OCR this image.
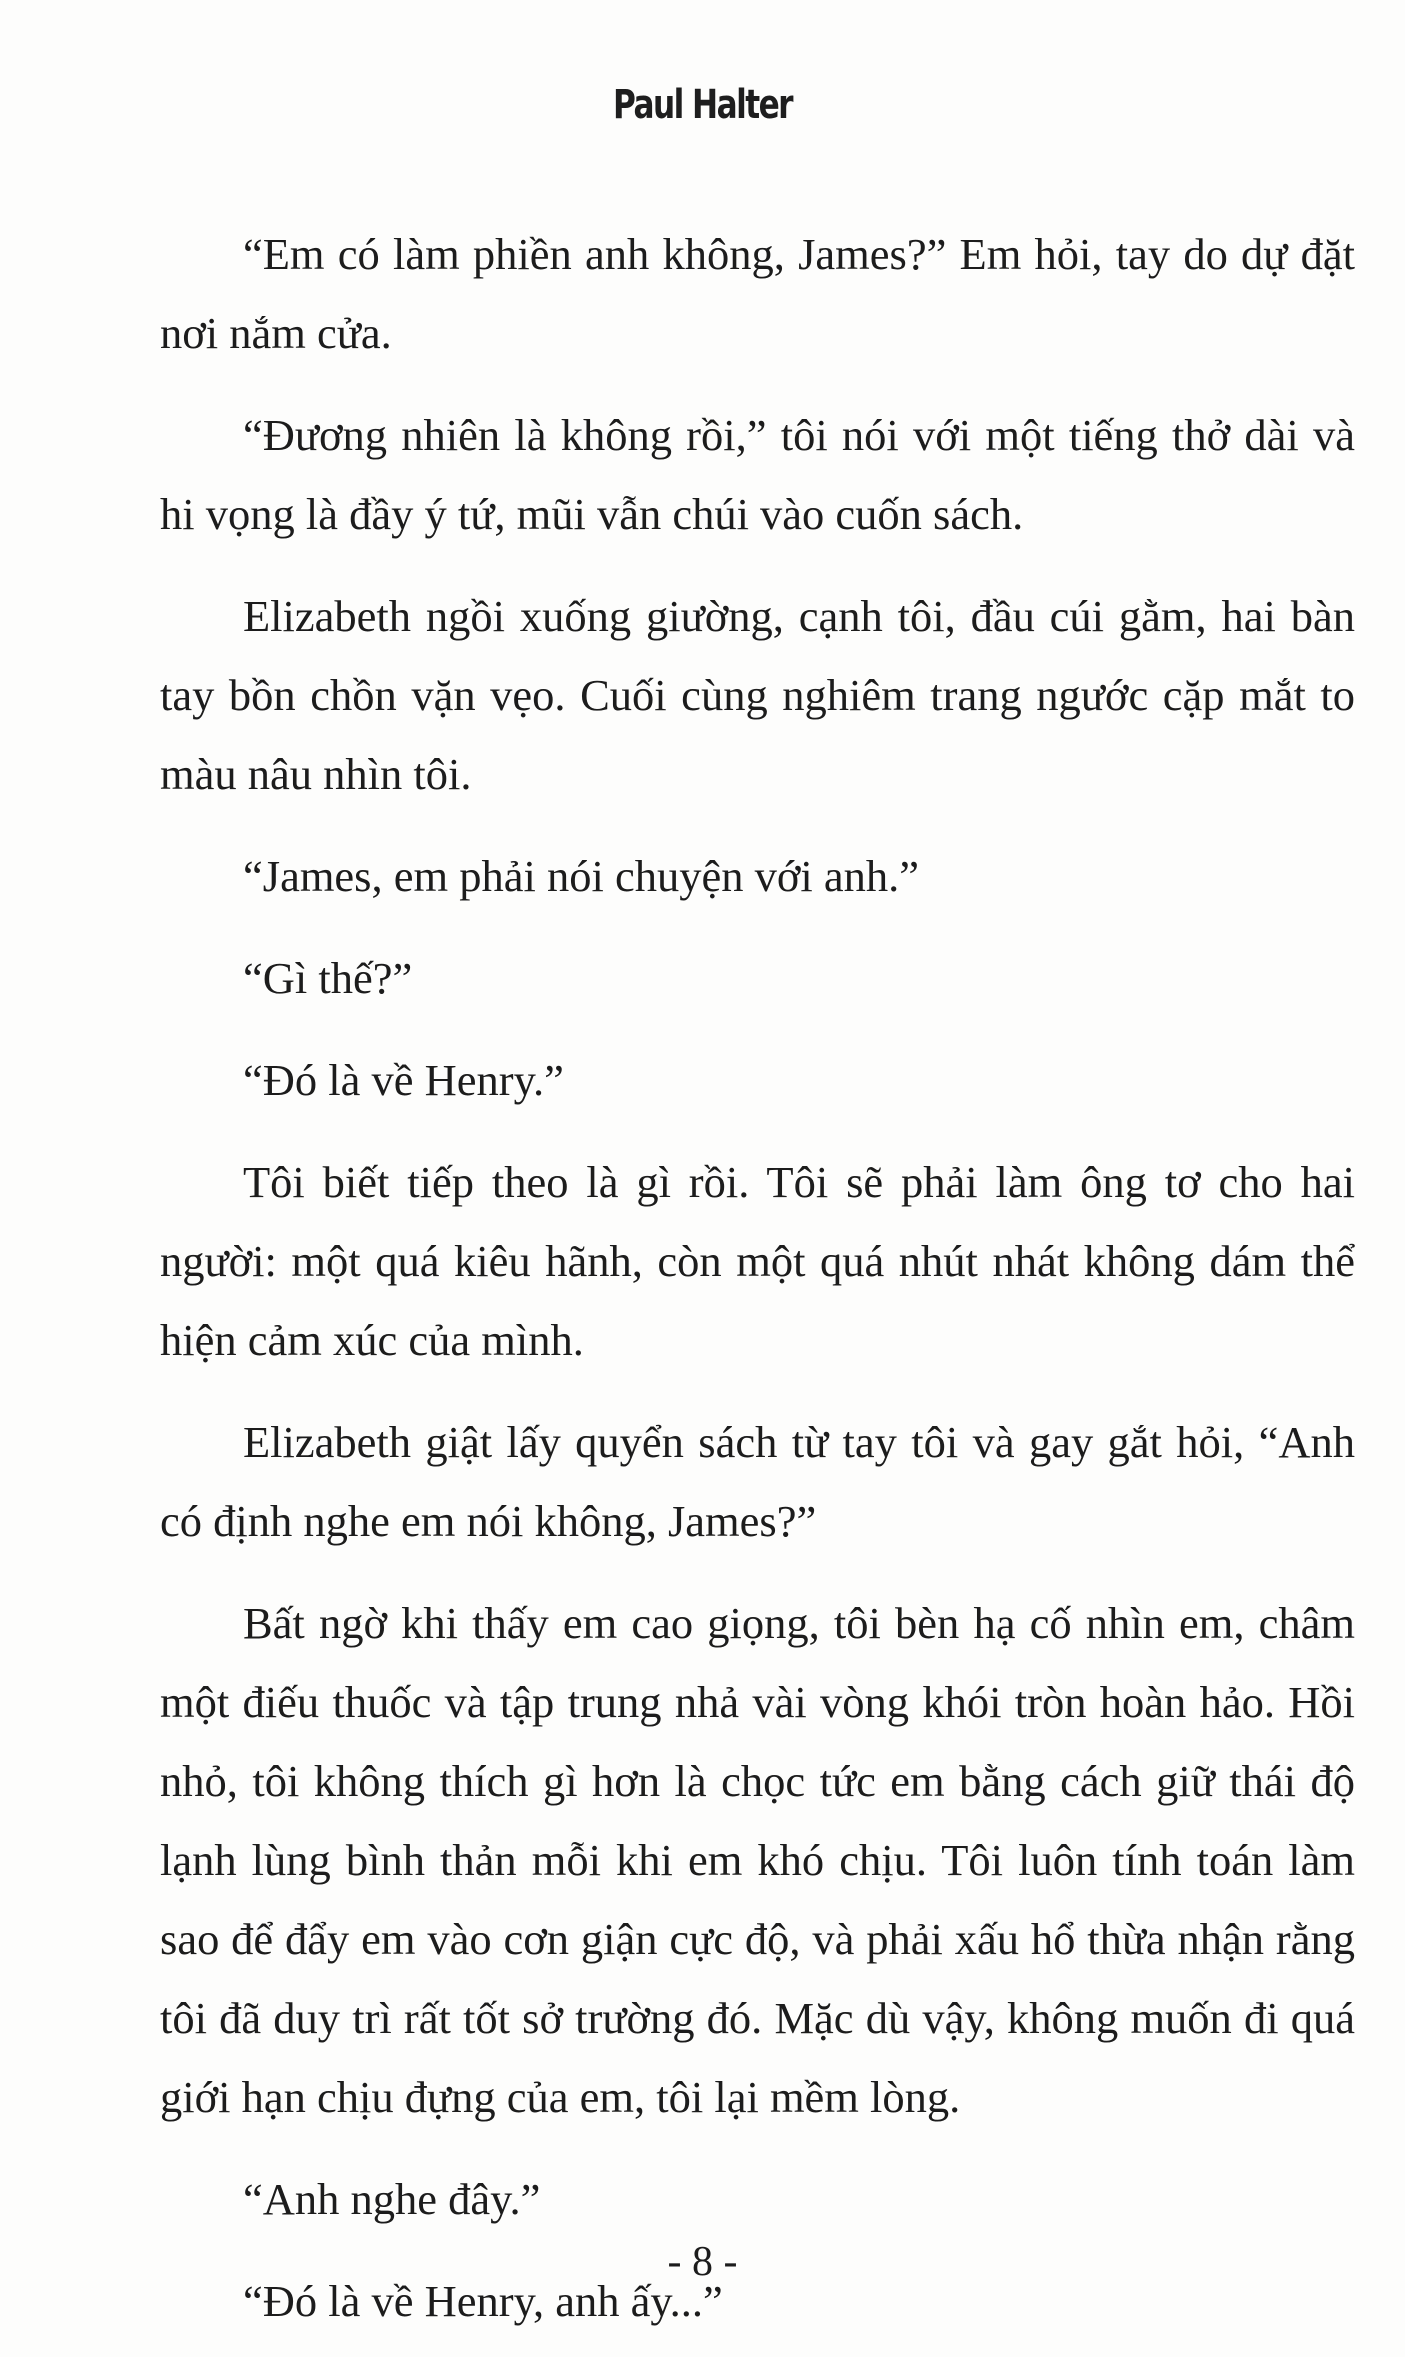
Paul Halter

“Em có làm phiền anh không, James?” Em hỏi, tay do dự đặt nơi nắm cửa.

“Đương nhiên là không rồi,” tôi nói với một tiếng thở dài và hi vọng là đầy ý tứ, mũi vẫn chúi vào cuốn sách.

Elizabeth ngồi xuống giường, cạnh tôi, đầu cúi gằm, hai bàn tay bồn chồn vặn vẹo. Cuối cùng nghiêm trang ngước cặp mắt to màu nâu nhìn tôi.

“James, em phải nói chuyện với anh.”

“Gì thế?”

“Đó là về Henry.”

Tôi biết tiếp theo là gì rồi. Tôi sẽ phải làm ông tơ cho hai người: một quá kiêu hãnh, còn một quá nhút nhát không dám thể hiện cảm xúc của mình.

Elizabeth giật lấy quyển sách từ tay tôi và gay gắt hỏi, “Anh có định nghe em nói không, James?”

Bất ngờ khi thấy em cao giọng, tôi bèn hạ cố nhìn em, châm một điếu thuốc và tập trung nhả vài vòng khói tròn hoàn hảo. Hồi nhỏ, tôi không thích gì hơn là chọc tức em bằng cách giữ thái độ lạnh lùng bình thản mỗi khi em khó chịu. Tôi luôn tính toán làm sao để đẩy em vào cơn giận cực độ, và phải xấu hổ thừa nhận rằng tôi đã duy trì rất tốt sở trường đó. Mặc dù vậy, không muốn đi quá giới hạn chịu đựng của em, tôi lại mềm lòng.

“Anh nghe đây.”

“Đó là về Henry, anh ấy...”

- 8 -
